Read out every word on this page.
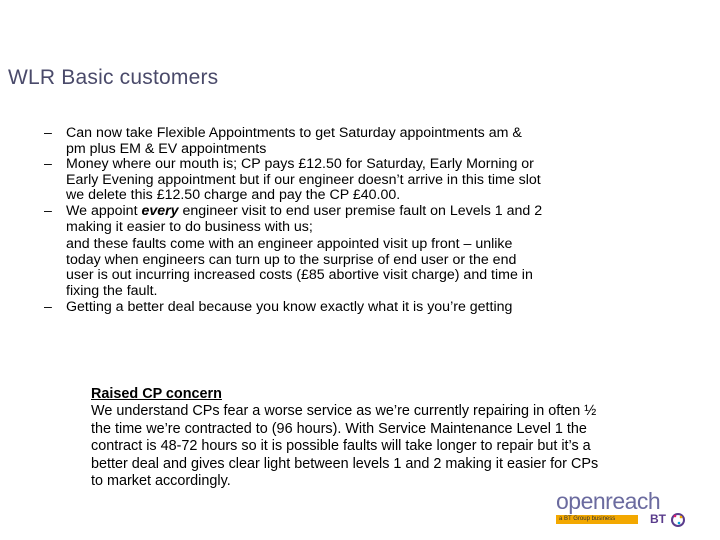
WLR Basic customers
– Can now take Flexible Appointments to get Saturday appointments am &
pm plus EM & EV appointments
– Money where our mouth is; CP pays £12.50 for Saturday, Early Morning or
Early Evening appointment but if our engineer doesn’t arrive in this time slot
we delete this £12.50 charge and pay the CP £40.00.
– We appoint every engineer visit to end user premise fault on Levels 1 and 2
making it easier to do business with us;
and these faults come with an engineer appointed visit up front – unlike
today when engineers can turn up to the surprise of end user or the end
user is out incurring increased costs (£85 abortive visit charge) and time in
fixing the fault.
– Getting a better deal because you know exactly what it is you’re getting
Raised CP concern
We understand CPs fear a worse service as we’re currently repairing in often ½
the time we’re contracted to (96 hours). With Service Maintenance Level 1 the
contract is 48-72 hours so it is possible faults will take longer to repair but it’s a
better deal and gives clear light between levels 1 and 2 making it easier for CPs
to market accordingly.
openreach
a BT Group business	BT
